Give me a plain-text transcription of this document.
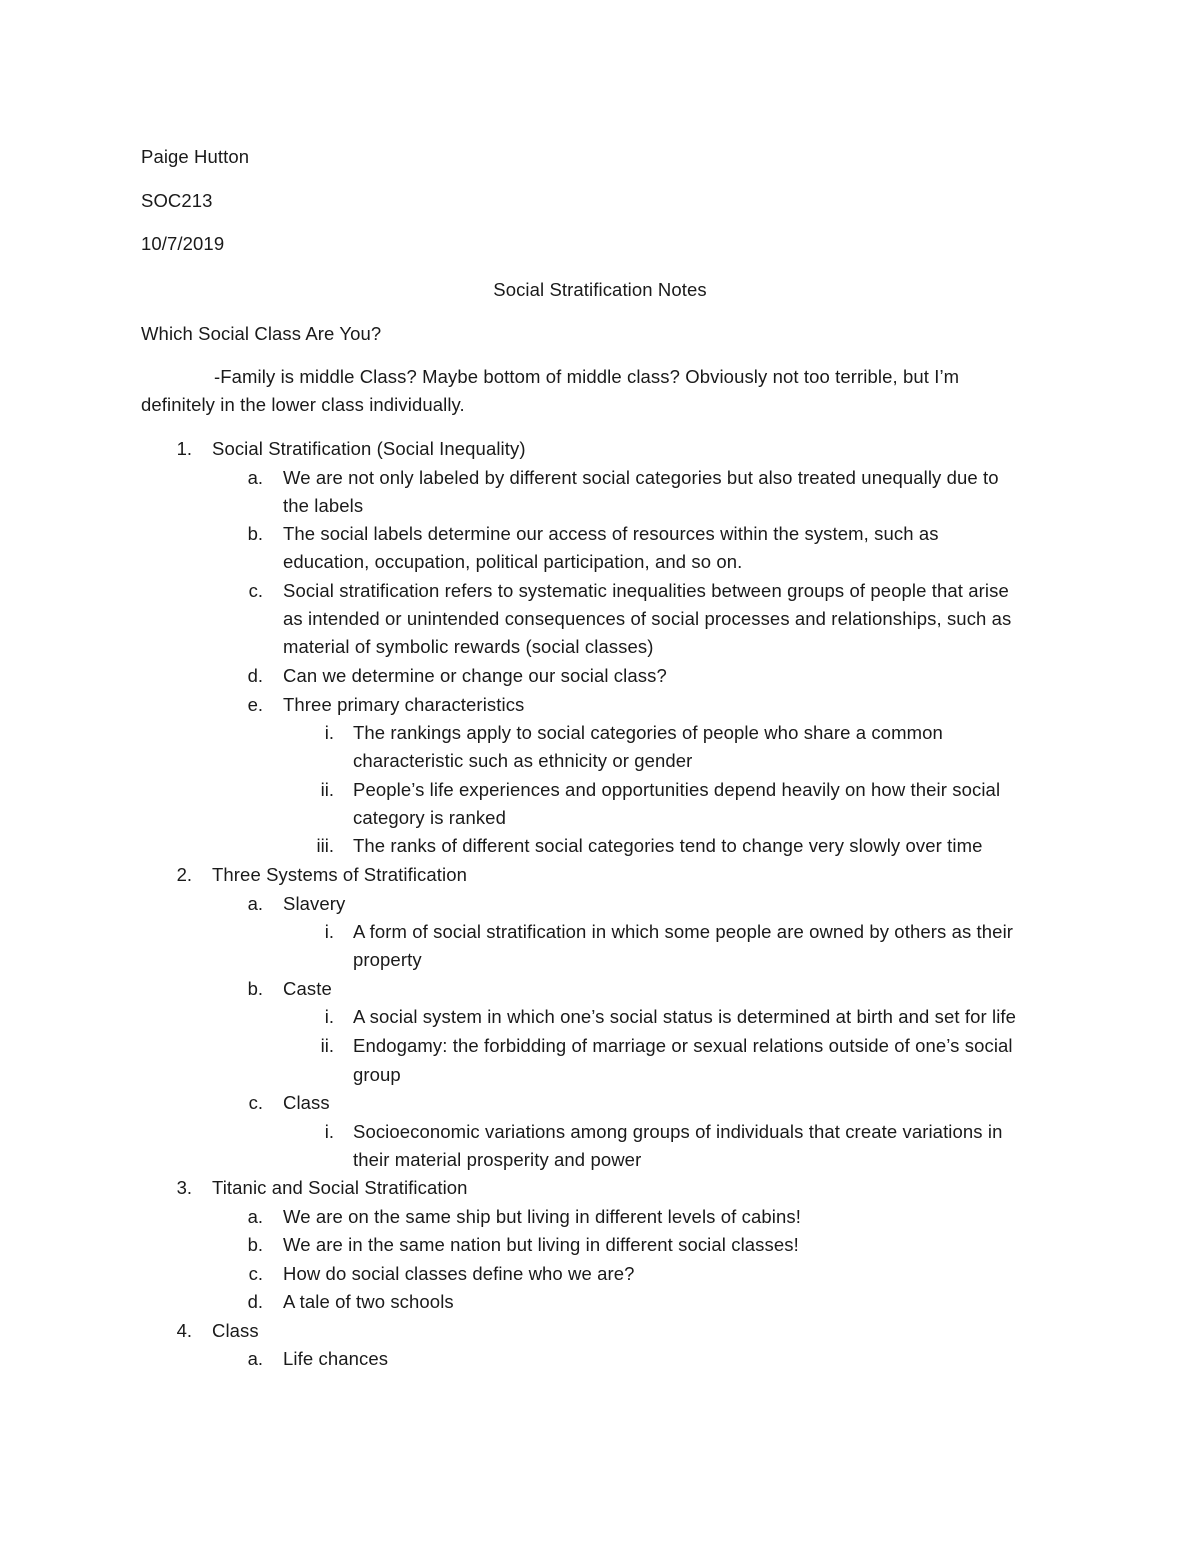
Paige Hutton
SOC213
10/7/2019
Social Stratification Notes
Which Social Class Are You?
-Family is middle Class? Maybe bottom of middle class? Obviously not too terrible, but I’m
definitely in the lower class individually.
1. Social Stratification (Social Inequality)
a. We are not only labeled by different social categories but also treated unequally due to
the labels
b. The social labels determine our access of resources within the system, such as
education, occupation, political participation, and so on.
c. Social stratification refers to systematic inequalities between groups of people that arise
as intended or unintended consequences of social processes and relationships, such as
material of symbolic rewards (social classes)
d. Can we determine or change our social class?
e. Three primary characteristics
i. The rankings apply to social categories of people who share a common
characteristic such as ethnicity or gender
ii. People’s life experiences and opportunities depend heavily on how their social
category is ranked
iii. The ranks of different social categories tend to change very slowly over time
2. Three Systems of Stratification
a. Slavery
i. A form of social stratification in which some people are owned by others as their
property
b. Caste
i. A social system in which one’s social status is determined at birth and set for life
ii. Endogamy: the forbidding of marriage or sexual relations outside of one’s social
group
c. Class
i. Socioeconomic variations among groups of individuals that create variations in
their material prosperity and power
3. Titanic and Social Stratification
a. We are on the same ship but living in different levels of cabins!
b. We are in the same nation but living in different social classes!
c. How do social classes define who we are?
d. A tale of two schools
4. Class
a. Life chances
